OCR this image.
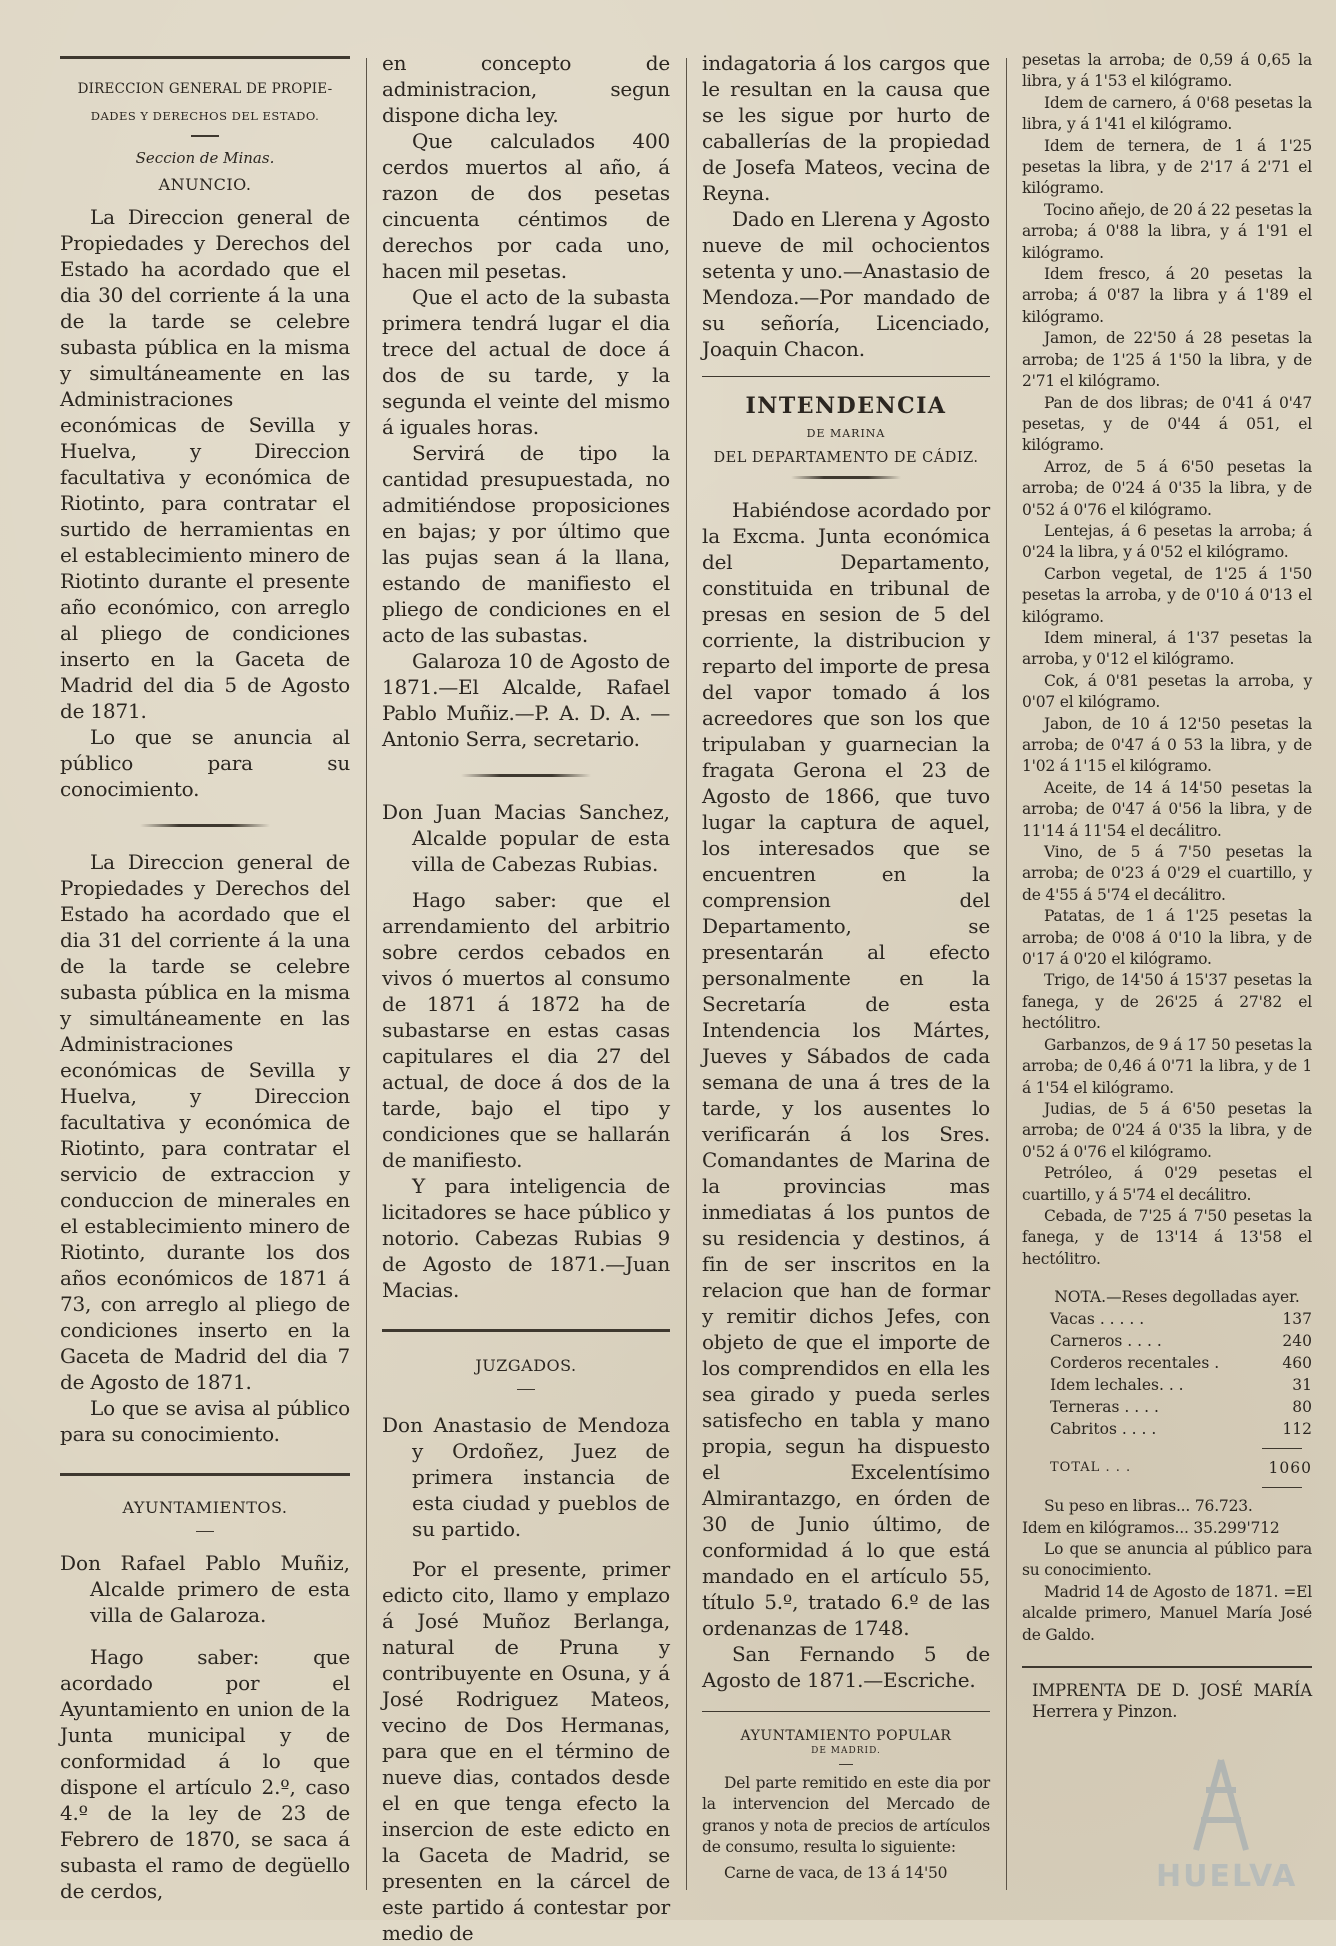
DIRECCION GENERAL DE PROPIE-

DADES Y DERECHOS DEL ESTADO.

Seccion de Minas.

ANUNCIO.

La Direccion general de Propiedades y Derechos del Estado ha acordado que el dia 30 del corriente á la una de la tarde se celebre subasta pública en la misma y simultáneamente en las Administraciones económicas de Sevilla y Huelva, y Direccion facultativa y económica de Riotinto, para contratar el surtido de herramientas en el establecimiento minero de Riotinto durante el presente año económico, con arreglo al pliego de condiciones inserto en la Gaceta de Madrid del dia 5 de Agosto de 1871.

Lo que se anuncia al público para su conocimiento.

La Direccion general de Propiedades y Derechos del Estado ha acordado que el dia 31 del corriente á la una de la tarde se celebre subasta pública en la misma y simultáneamente en las Administraciones económicas de Sevilla y Huelva, y Direccion facultativa y económica de Riotinto, para contratar el servicio de extraccion y conduccion de minerales en el establecimiento minero de Riotinto, durante los dos años económicos de 1871 á 73, con arreglo al pliego de condiciones inserto en la Gaceta de Madrid del dia 7 de Agosto de 1871.

Lo que se avisa al público para su conocimiento.

AYUNTAMIENTOS.

Don Rafael Pablo Muñiz, Alcalde primero de esta villa de Galaroza.

Hago saber: que acordado por el Ayuntamiento en union de la Junta municipal y de conformidad á lo que dispone el artículo 2.º, caso 4.º de la ley de 23 de Febrero de 1870, se saca á subasta el ramo de degüello de cerdos,

en concepto de administracion, segun dispone dicha ley.

Que calculados 400 cerdos muertos al año, á razon de dos pesetas cincuenta céntimos de derechos por cada uno, hacen mil pesetas.

Que el acto de la subasta primera tendrá lugar el dia trece del actual de doce á dos de su tarde, y la segunda el veinte del mismo á iguales horas.

Servirá de tipo la cantidad presupuestada, no admitiéndose proposiciones en bajas; y por último que las pujas sean á la llana, estando de manifiesto el pliego de condiciones en el acto de las subastas.

Galaroza 10 de Agosto de 1871.—El Alcalde, Rafael Pablo Muñiz.—P. A. D. A. —Antonio Serra, secretario.

Don Juan Macias Sanchez, Alcalde popular de esta villa de Cabezas Rubias.

Hago saber: que el arrendamiento del arbitrio sobre cerdos cebados en vivos ó muertos al consumo de 1871 á 1872 ha de subastarse en estas casas capitulares el dia 27 del actual, de doce á dos de la tarde, bajo el tipo y condiciones que se hallarán de manifiesto.

Y para inteligencia de licitadores se hace público y notorio. Cabezas Rubias 9 de Agosto de 1871.—Juan Macias.

JUZGADOS.

Don Anastasio de Mendoza y Ordoñez, Juez de primera instancia de esta ciudad y pueblos de su partido.

Por el presente, primer edicto cito, llamo y emplazo á José Muñoz Berlanga, natural de Pruna y contribuyente en Osuna, y á José Rodriguez Mateos, vecino de Dos Hermanas, para que en el término de nueve dias, contados desde el en que tenga efecto la insercion de este edicto en la Gaceta de Madrid, se presenten en la cárcel de este partido á contestar por medio de

indagatoria á los cargos que le resultan en la causa que se les sigue por hurto de caballerías de la propiedad de Josefa Mateos, vecina de Reyna.

Dado en Llerena y Agosto nueve de mil ochocientos setenta y uno.—Anastasio de Mendoza.—Por mandado de su señoría, Licenciado, Joaquin Chacon.

INTENDENCIA

DE MARINA

DEL DEPARTAMENTO DE CÁDIZ.

Habiéndose acordado por la Excma. Junta económica del Departamento, constituida en tribunal de presas en sesion de 5 del corriente, la distribucion y reparto del importe de presa del vapor tomado á los acreedores que son los que tripulaban y guarnecian la fragata Gerona el 23 de Agosto de 1866, que tuvo lugar la captura de aquel, los interesados que se encuentren en la comprension del Departamento, se presentarán al efecto personalmente en la Secretaría de esta Intendencia los Mártes, Jueves y Sábados de cada semana de una á tres de la tarde, y los ausentes lo verificarán á los Sres. Comandantes de Marina de la provincias mas inmediatas á los puntos de su residencia y destinos, á fin de ser inscritos en la relacion que han de formar y remitir dichos Jefes, con objeto de que el importe de los comprendidos en ella les sea girado y pueda serles satisfecho en tabla y mano propia, segun ha dispuesto el Excelentísimo Almirantazgo, en órden de 30 de Junio último, de conformidad á lo que está mandado en el artículo 55, título 5.º, tratado 6.º de las ordenanzas de 1748.

San Fernando 5 de Agosto de 1871.—Escriche.

AYUNTAMIENTO POPULAR

DE MADRID.

Del parte remitido en este dia por la intervencion del Mercado de granos y nota de precios de artículos de consumo, resulta lo siguiente:

Carne de vaca, de 13 á 14'50

pesetas la arroba; de 0,59 á 0,65 la libra, y á 1'53 el kilógramo.

Idem de carnero, á 0'68 pesetas la libra, y á 1'41 el kilógramo.

Idem de ternera, de 1 á 1'25 pesetas la libra, y de 2'17 á 2'71 el kilógramo.

Tocino añejo, de 20 á 22 pesetas la arroba; á 0'88 la libra, y á 1'91 el kilógramo.

Idem fresco, á 20 pesetas la arroba; á 0'87 la libra y á 1'89 el kilógramo.

Jamon, de 22'50 á 28 pesetas la arroba; de 1'25 á 1'50 la libra, y de 2'71 el kilógramo.

Pan de dos libras; de 0'41 á 0'47 pesetas, y de 0'44 á 051, el kilógramo.

Arroz, de 5 á 6'50 pesetas la arroba; de 0'24 á 0'35 la libra, y de 0'52 á 0'76 el kilógramo.

Lentejas, á 6 pesetas la arroba; á 0'24 la libra, y á 0'52 el kilógramo.

Carbon vegetal, de 1'25 á 1'50 pesetas la arroba, y de 0'10 á 0'13 el kilógramo.

Idem mineral, á 1'37 pesetas la arroba, y 0'12 el kilógramo.

Cok, á 0'81 pesetas la arroba, y 0'07 el kilógramo.

Jabon, de 10 á 12'50 pesetas la arroba; de 0'47 á 0 53 la libra, y de 1'02 á 1'15 el kilógramo.

Aceite, de 14 á 14'50 pesetas la arroba; de 0'47 á 0'56 la libra, y de 11'14 á 11'54 el decálitro.

Vino, de 5 á 7'50 pesetas la arroba; de 0'23 á 0'29 el cuartillo, y de 4'55 á 5'74 el decálitro.

Patatas, de 1 á 1'25 pesetas la arroba; de 0'08 á 0'10 la libra, y de 0'17 á 0'20 el kilógramo.

Trigo, de 14'50 á 15'37 pesetas la fanega, y de 26'25 á 27'82 el hectólitro.

Garbanzos, de 9 á 17 50 pesetas la arroba; de 0,46 á 0'71 la libra, y de 1 á 1'54 el kilógramo.

Judias, de 5 á 6'50 pesetas la arroba; de 0'24 á 0'35 la libra, y de 0'52 á 0'76 el kilógramo.

Petróleo, á 0'29 pesetas el cuartillo, y á 5'74 el decálitro.

Cebada, de 7'25 á 7'50 pesetas la fanega, y de 13'14 á 13'58 el hectólitro.

NOTA.—Reses degolladas ayer.

Vacas . . . . .	137
Carneros . . . .	240
Corderos recentales .	460
Idem lechales. . .	31
Terneras . . . .	80
Cabritos . . . .	112
TOTAL . . .	1060

Su peso en libras... 76.723.

Idem en kilógramos... 35.299'712

Lo que se anuncia al público para su conocimiento.

Madrid 14 de Agosto de 1871. =El alcalde primero, Manuel María José de Galdo.

IMPRENTA DE D. JOSÉ MARÍA Herrera y Pinzon.

HUELVA
